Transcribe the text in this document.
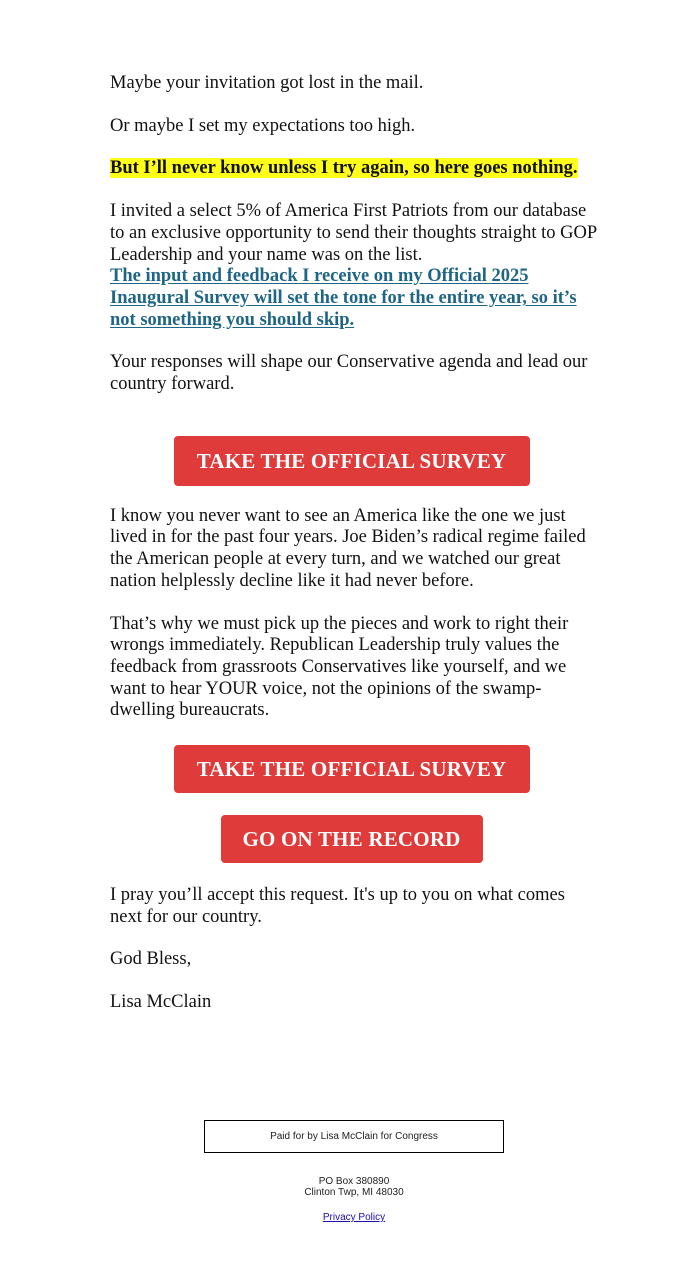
Maybe your invitation got lost in the mail.

Or maybe I set my expectations too high.

But I’ll never know unless I try again, so here goes nothing.

I invited a select 5% of America First Patriots from our database to an exclusive opportunity to send their thoughts straight to GOP Leadership and your name was on the list.
The input and feedback I receive on my Official 2025 Inaugural Survey will set the tone for the entire year, so it’s not something you should skip.

Your responses will shape our Conservative agenda and lead our country forward.

TAKE THE OFFICIAL SURVEY

I know you never want to see an America like the one we just lived in for the past four years. Joe Biden’s radical regime failed the American people at every turn, and we watched our great nation helplessly decline like it had never before.

That’s why we must pick up the pieces and work to right their wrongs immediately. Republican Leadership truly values the feedback from grassroots Conservatives like yourself, and we want to hear YOUR voice, not the opinions of the swamp-dwelling bureaucrats.

TAKE THE OFFICIAL SURVEY
GO ON THE RECORD

I pray you’ll accept this request. It's up to you on what comes next for our country.

God Bless,

Lisa McClain

Paid for by Lisa McClain for Congress
PO Box 380890
Clinton Twp, MI 48030
Privacy Policy
